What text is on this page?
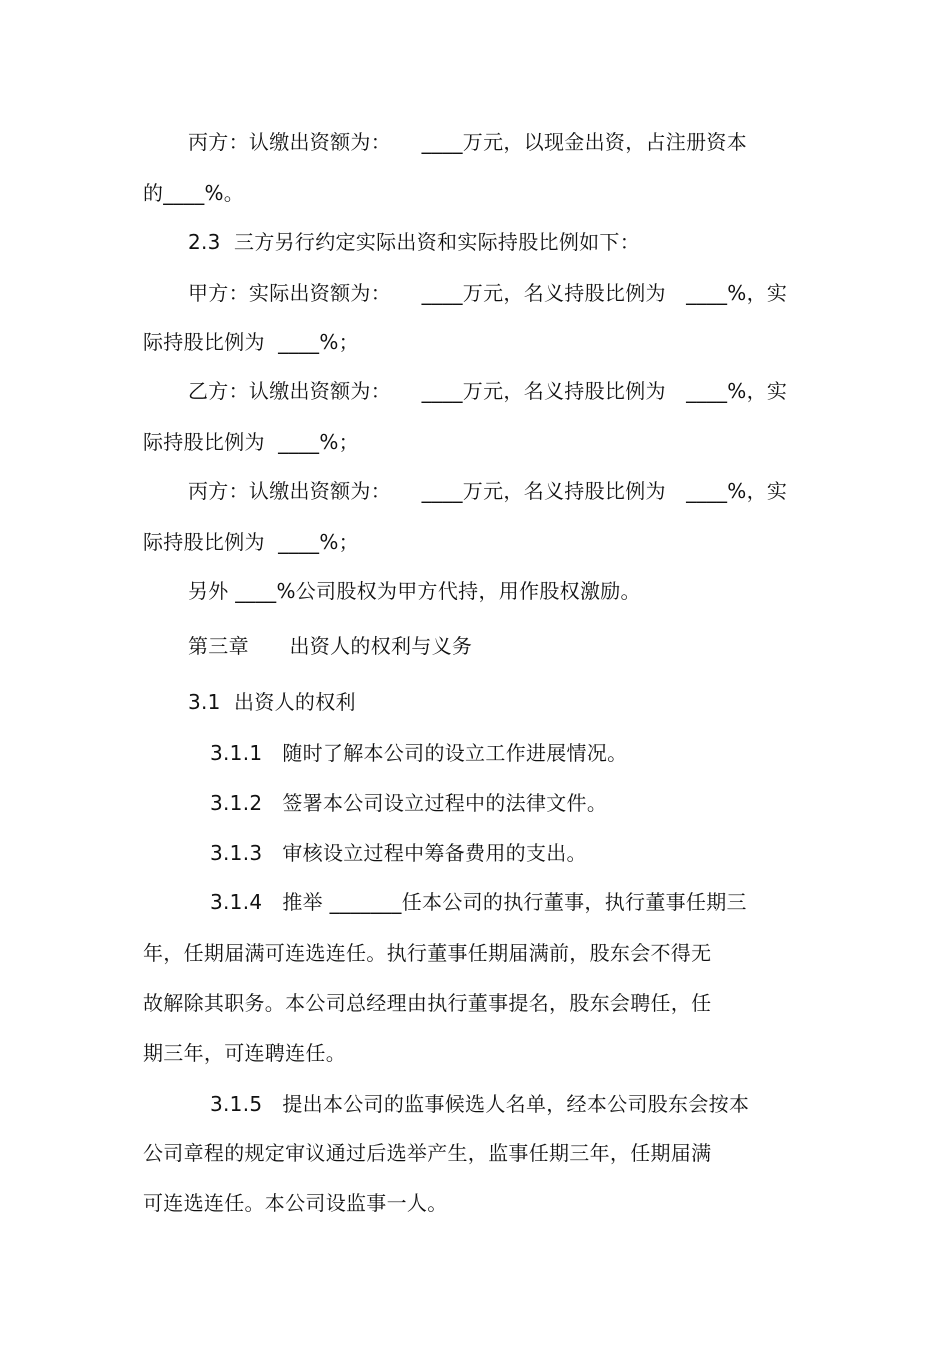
丙方：认缴出资额为：　　____万元，以现金出资，占注册资本
的____%。
2.3  三方另行约定实际出资和实际持股比例如下：
甲方：实际出资额为：　　____万元，名义持股比例为　____%，实
际持股比例为  ____%；
乙方：认缴出资额为：　　____万元，名义持股比例为　____%，实
际持股比例为  ____%；
丙方：认缴出资额为：　　____万元，名义持股比例为　____%，实
际持股比例为  ____%；
另外 ____%公司股权为甲方代持，用作股权激励。
第三章　　出资人的权利与义务
3.1  出资人的权利
3.1.1   随时了解本公司的设立工作进展情况。
3.1.2   签署本公司设立过程中的法律文件。
3.1.3   审核设立过程中筹备费用的支出。
3.1.4   推举 _______任本公司的执行董事，执行董事任期三
年，任期届满可连选连任。执行董事任期届满前，股东会不得无
故解除其职务。本公司总经理由执行董事提名，股东会聘任，任
期三年，可连聘连任。
3.1.5   提出本公司的监事候选人名单，经本公司股东会按本
公司章程的规定审议通过后选举产生，监事任期三年，任期届满
可连选连任。本公司设监事一人。
